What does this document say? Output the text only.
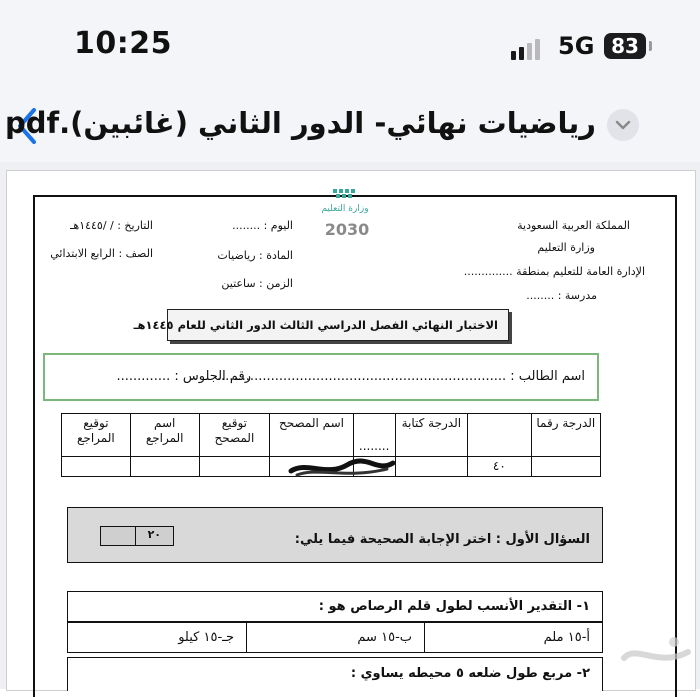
10:25	5G 83
رياضيات نهائي- الدور الثاني (غائبين).pdf
المملكة العربية السعودية
وزارة التعليم
الإدارة العامة للتعليم بمنطقة ..............
مدرسة : ........
وزارة التعليم
2030
اليوم : ........
المادة : رياضيات
الزمن : ساعتين
التاريخ : / /١٤٤٥هـ
الصف : الرابع الابتدائي
الاختبار النهائي الفصل الدراسي الثالث الدور الثاني للعام ١٤٤٥هـ
اسم الطالب : ......................................................................
رقم الجلوس : .............
الدرجة رقما		الدرجة كتابة	........	اسم المصحح	توقيع المصحح	اسم المراجع	توقيع المراجع
	٤٠						
٢٠	السؤال الأول : اختر الإجابة الصحيحة فيما يلي:
١- التقدير الأنسب لطول قلم الرصاص هو :
أ-١٥ ملم
ب-١٥ سم
جـ-١٥ كيلو
٢- مربع طول ضلعه ٥ محيطه يساوي :
